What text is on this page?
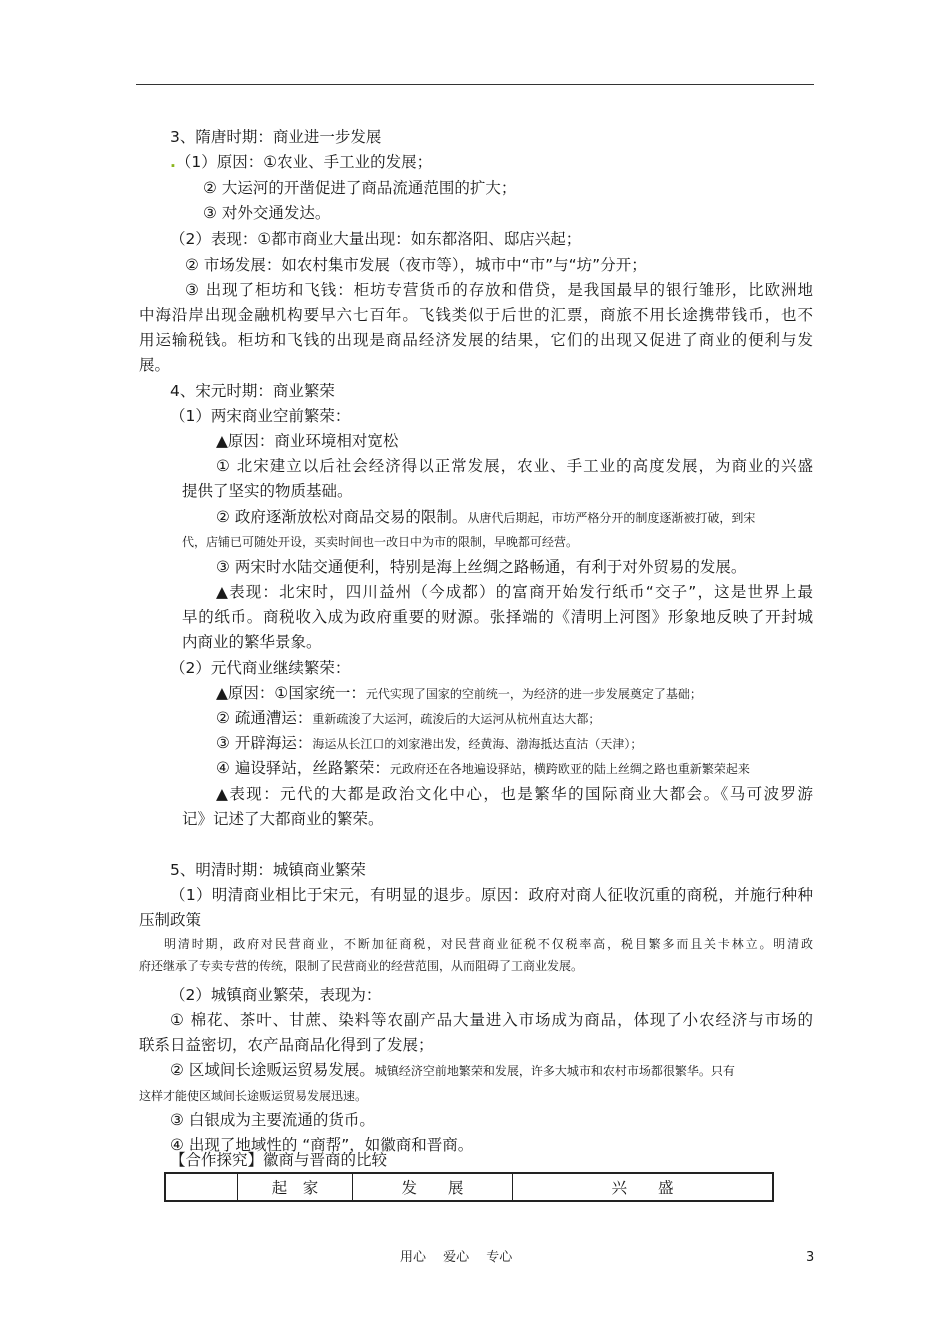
3、隋唐时期：商业进一步发展
.（1）原因：①农业、手工业的发展；
② 大运河的开凿促进了商品流通范围的扩大；
③ 对外交通发达。
（2）表现：①都市商业大量出现：如东都洛阳、邸店兴起；
② 市场发展：如农村集市发展（夜市等），城市中“市”与“坊”分开；
③ 出现了柜坊和飞钱：柜坊专营货币的存放和借贷，是我国最早的银行雏形，比欧洲地
中海沿岸出现金融机构要早六七百年。飞钱类似于后世的汇票，商旅不用长途携带钱币，也不
用运输税钱。柜坊和飞钱的出现是商品经济发展的结果，它们的出现又促进了商业的便利与发
展。
4、宋元时期：商业繁荣
（1）两宋商业空前繁荣：
▲原因：商业环境相对宽松
① 北宋建立以后社会经济得以正常发展，农业、手工业的高度发展，为商业的兴盛
提供了坚实的物质基础。
② 政府逐渐放松对商品交易的限制。从唐代后期起，市坊严格分开的制度逐渐被打破，到宋
代，店铺已可随处开设，买卖时间也一改日中为市的限制，早晚都可经营。
③ 两宋时水陆交通便利，特别是海上丝绸之路畅通，有利于对外贸易的发展。
▲表现：北宋时，四川益州（今成都）的富商开始发行纸币“交子”，这是世界上最
早的纸币。商税收入成为政府重要的财源。张择端的《清明上河图》形象地反映了开封城
内商业的繁华景象。
（2）元代商业继续繁荣：
▲原因：①国家统一：元代实现了国家的空前统一，为经济的进一步发展奠定了基础；
② 疏通漕运：重新疏浚了大运河，疏浚后的大运河从杭州直达大都；
③ 开辟海运：海运从长江口的刘家港出发，经黄海、渤海抵达直沽（天津）；
④ 遍设驿站，丝路繁荣：元政府还在各地遍设驿站，横跨欧亚的陆上丝绸之路也重新繁荣起来
▲表现：元代的大都是政治文化中心，也是繁华的国际商业大都会。《马可波罗游
记》记述了大都商业的繁荣。
5、明清时期：城镇商业繁荣
（1）明清商业相比于宋元，有明显的退步。原因：政府对商人征收沉重的商税，并施行种种
压制政策
明清时期，政府对民营商业，不断加征商税，对民营商业征税不仅税率高，税目繁多而且关卡林立。明清政
府还继承了专卖专营的传统，限制了民营商业的经营范围，从而阻碍了工商业发展。
（2）城镇商业繁荣，表现为：
① 棉花、茶叶、甘蔗、染料等农副产品大量进入市场成为商品，体现了小农经济与市场的
联系日益密切，农产品商品化得到了发展；
② 区域间长途贩运贸易发展。城镇经济空前地繁荣和发展，许多大城市和农村市场都很繁华。只有
这样才能使区域间长途贩运贸易发展迅速。
③ 白银成为主要流通的货币。
④ 出现了地域性的 “商帮”，如徽商和晋商。
【合作探究】徽商与晋商的比较
	起　家	发　　展	兴　　盛
用心　 爱心　 专心	3
